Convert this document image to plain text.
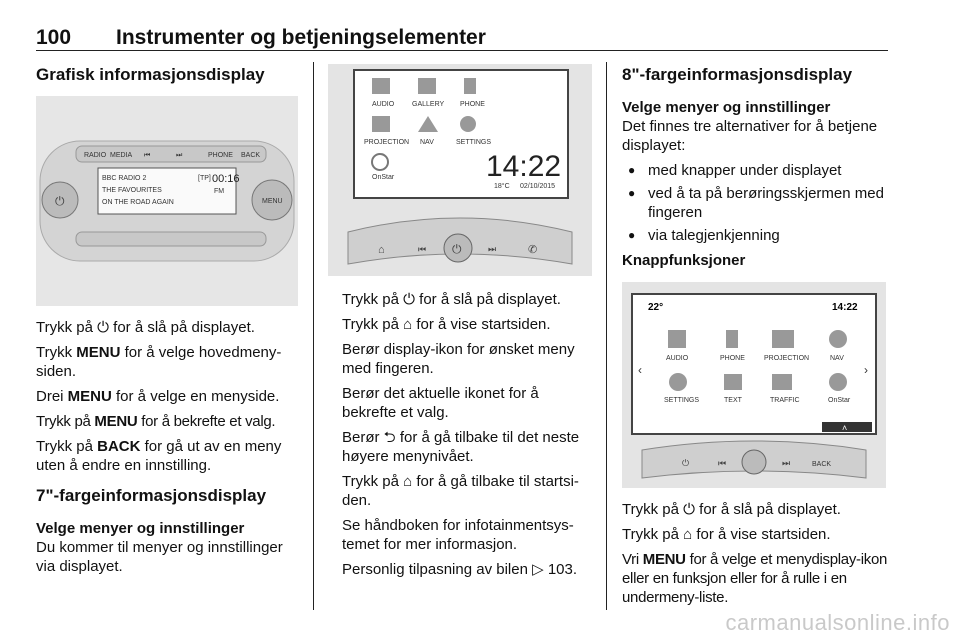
100 Instrumenter og betjeningselementer
Grafisk informasjonsdisplay
RADIO MEDIA ⏮	⏭	PHONE BACK
BBC RADIO 2
THE FAVOURITES
ON THE ROAD AGAIN
[TP] 00:16
FM
⏻	MENU

Trykk på ⏻ for å slå på displayet.

Trykk MENU for å velge hovedmeny-siden.

Drei MENU for å velge en menyside.

Trykk på MENU for å bekrefte et valg.

Trykk på BACK for gå ut av en meny uten å endre en innstilling.

7"-fargeinformasjonsdisplay
Velge menyer og innstillinger

Du kommer til menyer og innstillinger via displayet.

AUDIO	GALLERY PHONE
PROJECTION NAV	SETTINGS
OnStar	14:22
18°C 02/10/2015
⏻
⌂	⏮	⏭	✆

Trykk på ⏻ for å slå på displayet.

Trykk på ⌂ for å vise startsiden.

Berør display-ikon for ønsket meny med fingeren.

Berør det aktuelle ikonet for å bekrefte et valg.

Berør ⮌ for å gå tilbake til det neste høyere menynivået.

Trykk på ⌂ for å gå tilbake til startsi-den.

Se håndboken for infotainmentsys-temet for mer informasjon.

Personlig tilpasning av bilen ▷ 103.

8"-fargeinformasjonsdisplay
Velge menyer og innstillinger

Det finnes tre alternativer for å betjene displayet:

● med knapper under displayet
● ved å ta på berøringsskjermen med fingeren
● via talegjenkjenning
Knappfunksjoner
22°	14:22
AUDIO	PHONE	PROJECTION	NAV
SETTINGS	TEXT	TRAFFIC	OnStar
‹	›
˄
⏻	⏮	⏭	BACK

Trykk på ⏻ for å slå på displayet.

Trykk på ⌂ for å vise startsiden.

Vri MENU for å velge et menydisplay-ikon eller en funksjon eller for å rulle i en undermeny-liste.

carmanualsonline.info
